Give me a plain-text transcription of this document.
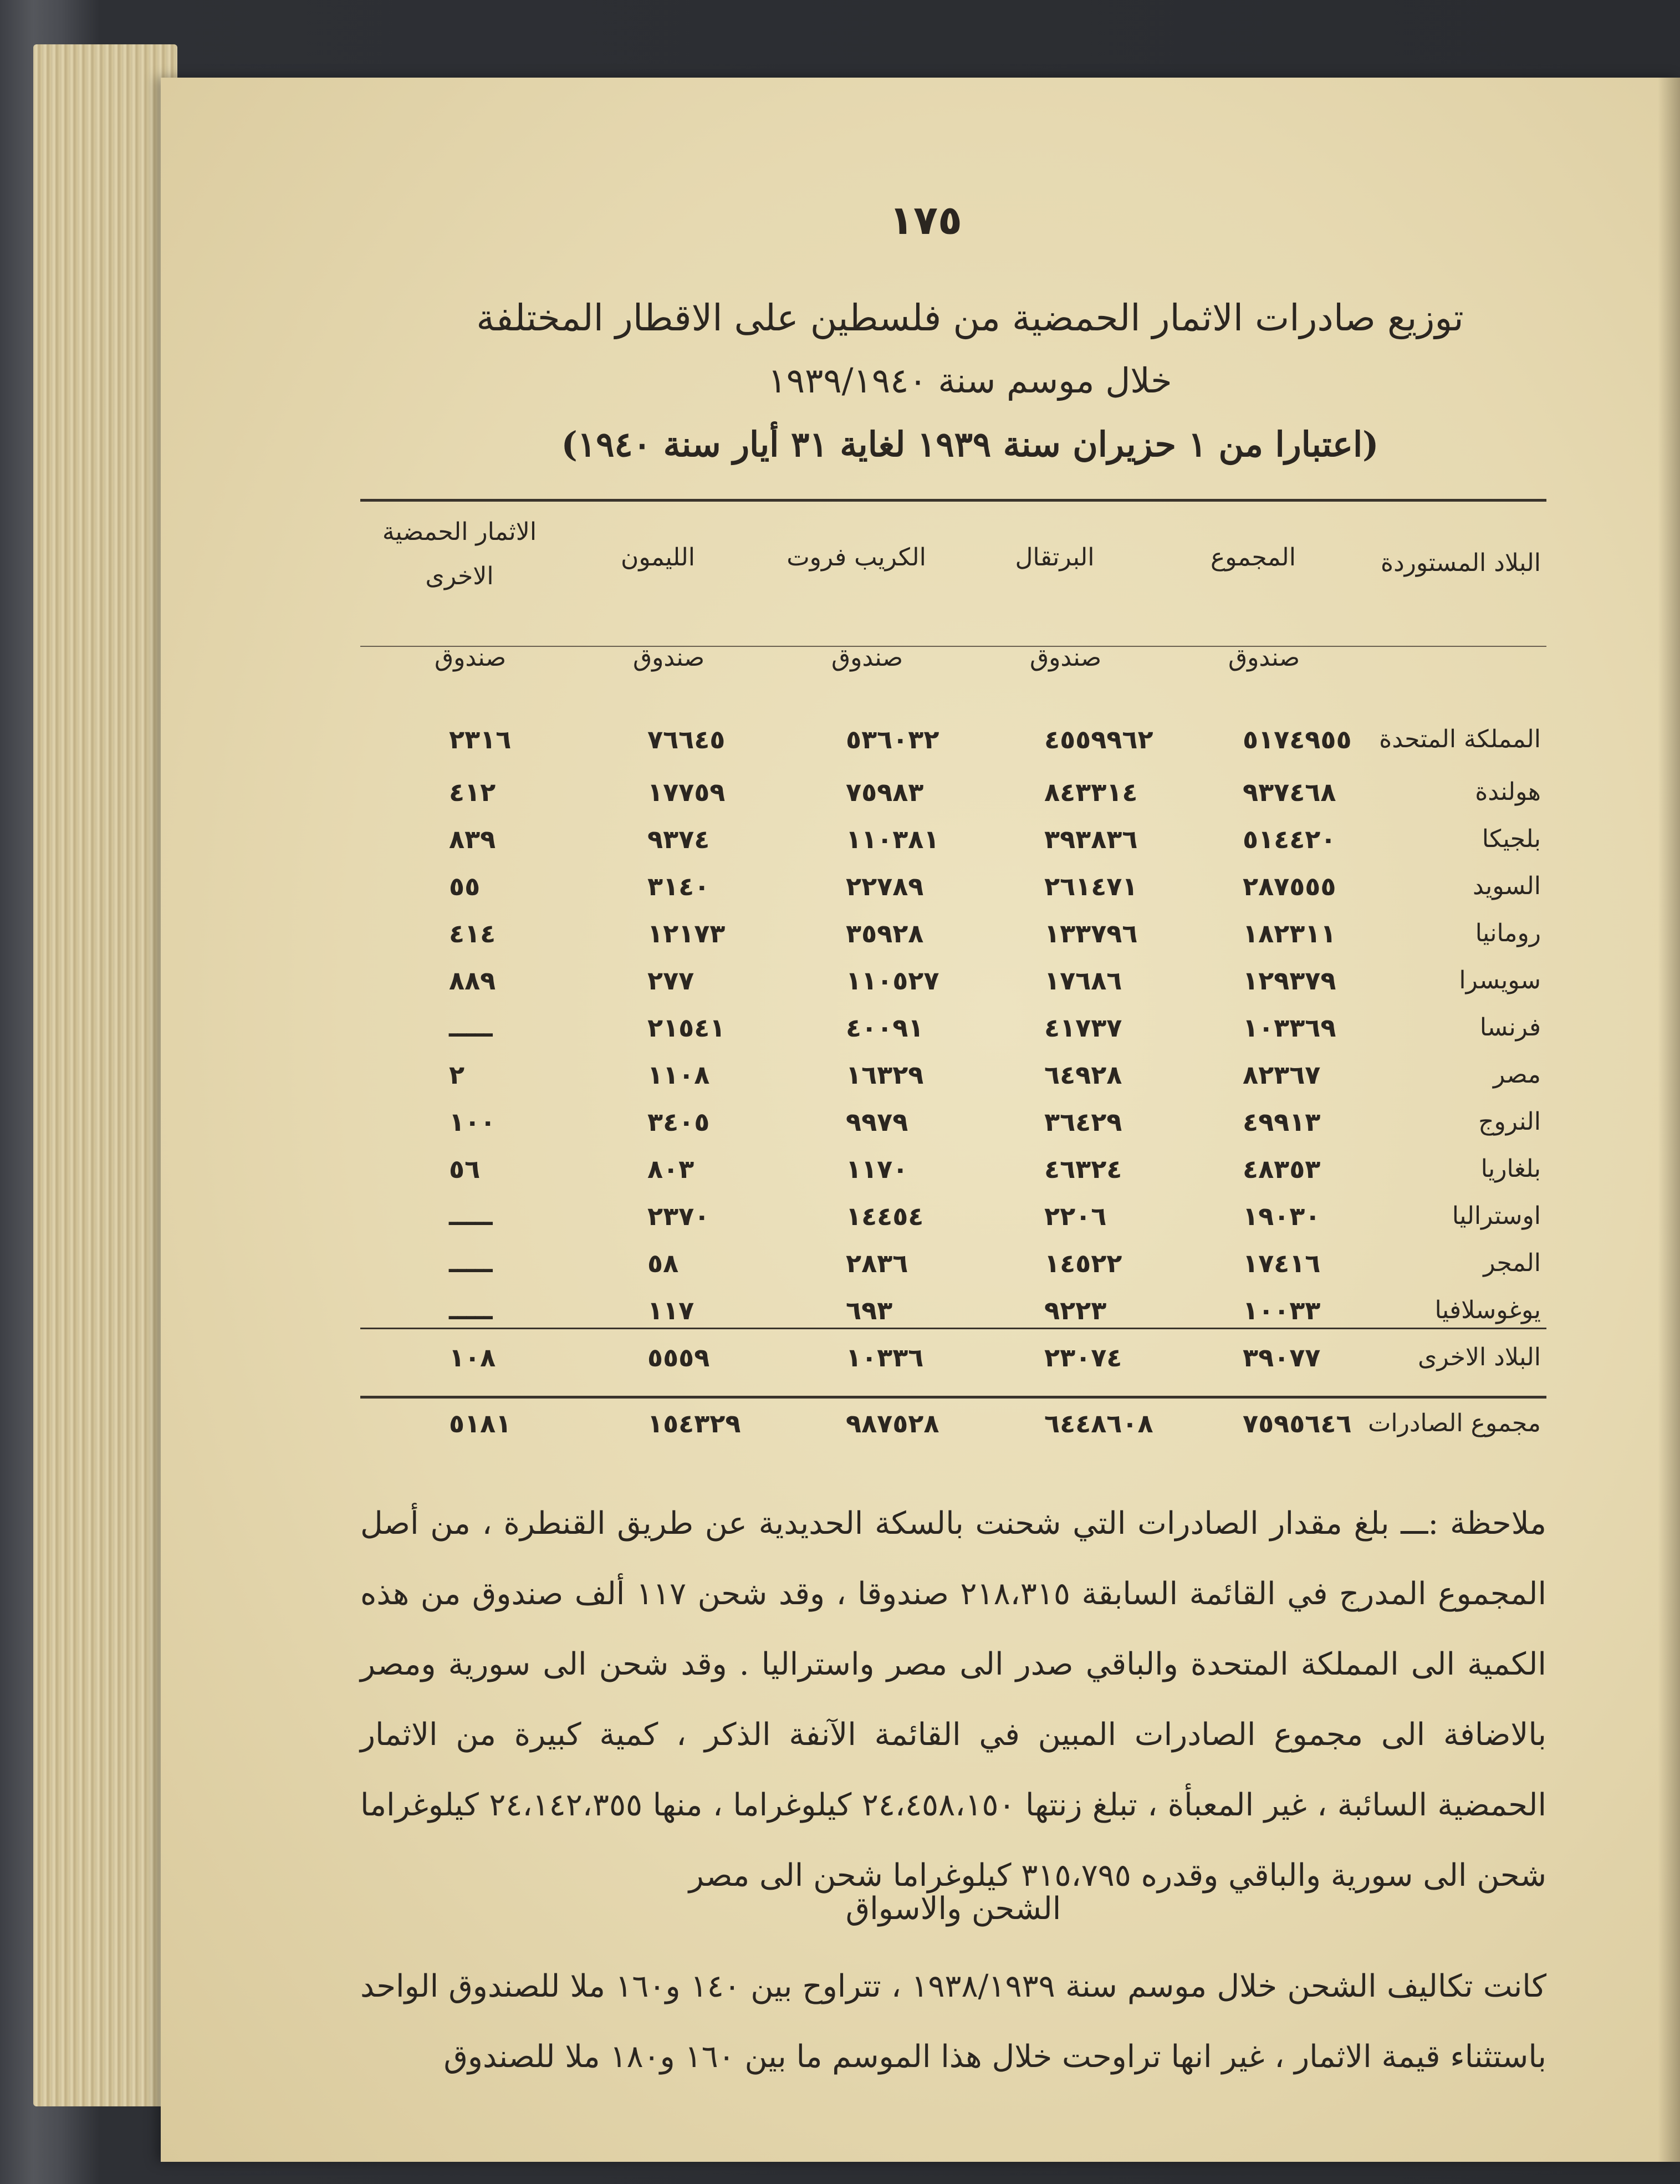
١٧٥
توزيع صادرات الاثمار الحمضية من فلسطين على الاقطار المختلفة
خلال موسم سنة ١٩٣٩/١٩٤٠
(اعتبارا من ١ حزيران سنة ١٩٣٩ لغاية ٣١ أيار سنة ١٩٤٠)
البلاد المستوردة	المجموع	البرتقال	الكريب فروت	الليمون	الاثمار الحمضية
الاخرى
	صندوق	صندوق	صندوق	صندوق	صندوق
المملكة المتحدة	٥١٧٤٩٥٥	٤٥٥٩٩٦٢	٥٣٦٠٣٢	٧٦٦٤٥	٢٣١٦
هولندة	٩٣٧٤٦٨	٨٤٣٣١٤	٧٥٩٨٣	١٧٧٥٩	٤١٢
بلجيكا	٥١٤٤٢٠	٣٩٣٨٣٦	١١٠٣٨١	٩٣٧٤	٨٣٩
السويد	٢٨٧٥٥٥	٢٦١٤٧١	٢٢٧٨٩	٣١٤٠	٥٥
رومانيا	١٨٢٣١١	١٣٣٧٩٦	٣٥٩٢٨	١٢١٧٣	٤١٤
سويسرا	١٢٩٣٧٩	١٧٦٨٦	١١٠٥٢٧	٢٧٧	٨٨٩
فرنسا	١٠٣٣٦٩	٤١٧٣٧	٤٠٠٩١	٢١٥٤١	ـــــ
مصر	٨٢٣٦٧	٦٤٩٢٨	١٦٣٢٩	١١٠٨	٢
النروج	٤٩٩١٣	٣٦٤٢٩	٩٩٧٩	٣٤٠٥	١٠٠
بلغاريا	٤٨٣٥٣	٤٦٣٢٤	١١٧٠	٨٠٣	٥٦
اوستراليا	١٩٠٣٠	٢٢٠٦	١٤٤٥٤	٢٣٧٠	ـــــ
المجر	١٧٤١٦	١٤٥٢٢	٢٨٣٦	٥٨	ـــــ
يوغوسلافيا	١٠٠٣٣	٩٢٢٣	٦٩٣	١١٧	ـــــ
البلاد الاخرى	٣٩٠٧٧	٢٣٠٧٤	١٠٣٣٦	٥٥٥٩	١٠٨
مجموع الصادرات	٧٥٩٥٦٤٦	٦٤٤٨٦٠٨	٩٨٧٥٢٨	١٥٤٣٢٩	٥١٨١
ملاحظة :ـــ بلغ مقدار الصادرات التي شحنت بالسكة الحديدية عن طريق القنطرة ، من أصل المجموع المدرج في القائمة السابقة ٢١٨،٣١٥ صندوقا ، وقد شحن ١١٧ ألف صندوق من هذه الكمية الى المملكة المتحدة والباقي صدر الى مصر واستراليا . وقد شحن الى سورية ومصر بالاضافة الى مجموع الصادرات المبين في القائمة الآنفة الذكر ، كمية كبيرة من الاثمار الحمضية السائبة ، غير المعبأة ، تبلغ زنتها ٢٤،٤٥٨،١٥٠ كيلوغراما ، منها ٢٤،١٤٢،٣٥٥ كيلوغراما شحن الى سورية والباقي وقدره ٣١٥،٧٩٥ كيلوغراما شحن الى مصر
الشحن والاسواق
كانت تكاليف الشحن خلال موسم سنة ١٩٣٨/١٩٣٩ ، تتراوح بين ١٤٠ و١٦٠ ملا للصندوق الواحد باستثناء قيمة الاثمار ، غير انها تراوحت خلال هذا الموسم ما بين ١٦٠ و١٨٠ ملا للصندوق
